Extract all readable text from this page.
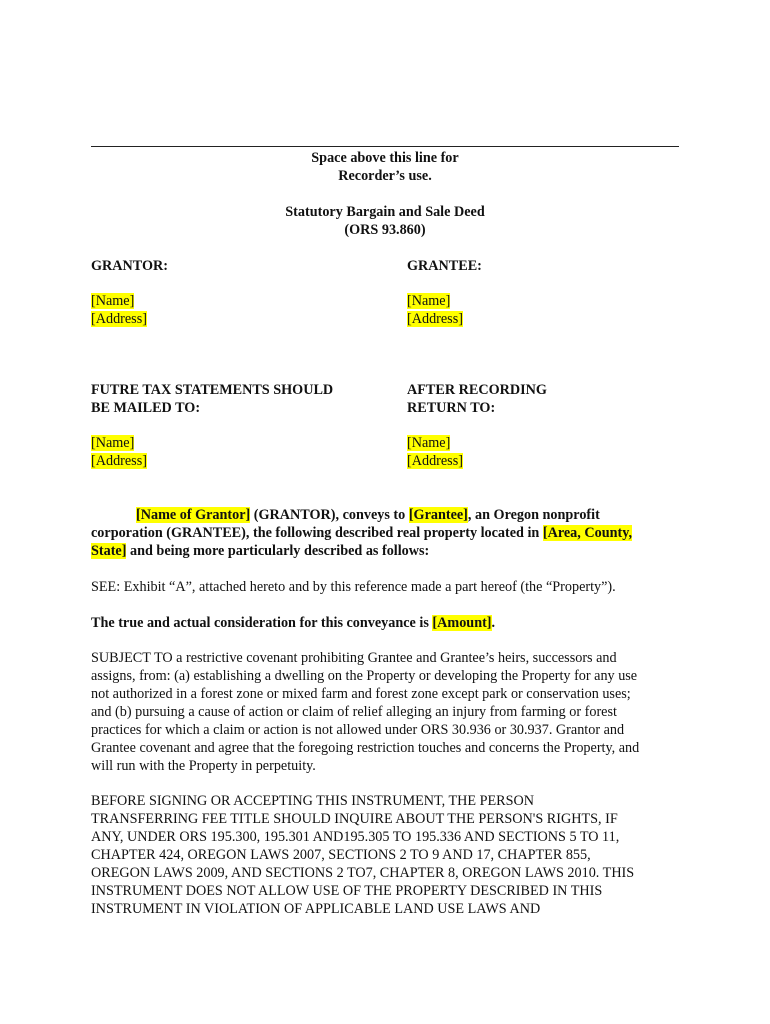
Space above this line for

Recorder’s use.

Statutory Bargain and Sale Deed

(ORS 93.860)

GRANTOR:

[Name]

[Address]

GRANTEE:

[Name]

[Address]

FUTRE TAX STATEMENTS SHOULD

BE MAILED TO:

[Name]

[Address]

AFTER RECORDING

RETURN TO:

[Name]

[Address]

[Name of Grantor] (GRANTOR), conveys to [Grantee], an Oregon nonprofit

corporation (GRANTEE), the following described real property located in [Area, County,

State] and being more particularly described as follows:

SEE: Exhibit “A”, attached hereto and by this reference made a part hereof (the “Property”).

The true and actual consideration for this conveyance is [Amount].

SUBJECT TO a restrictive covenant prohibiting Grantee and Grantee’s heirs, successors and

assigns, from: (a) establishing a dwelling on the Property or developing the Property for any use

not authorized in a forest zone or mixed farm and forest zone except park or conservation uses;

and (b) pursuing a cause of action or claim of relief alleging an injury from farming or forest

practices for which a claim or action is not allowed under ORS 30.936 or 30.937. Grantor and

Grantee covenant and agree that the foregoing restriction touches and concerns the Property, and

will run with the Property in perpetuity.

BEFORE SIGNING OR ACCEPTING THIS INSTRUMENT, THE PERSON

TRANSFERRING FEE TITLE SHOULD INQUIRE ABOUT THE PERSON'S RIGHTS, IF

ANY, UNDER ORS 195.300, 195.301 AND195.305 TO 195.336 AND SECTIONS 5 TO 11,

CHAPTER 424, OREGON LAWS 2007, SECTIONS 2 TO 9 AND 17, CHAPTER 855,

OREGON LAWS 2009, AND SECTIONS 2 TO7, CHAPTER 8, OREGON LAWS 2010. THIS

INSTRUMENT DOES NOT ALLOW USE OF THE PROPERTY DESCRIBED IN THIS

INSTRUMENT IN VIOLATION OF APPLICABLE LAND USE LAWS AND
